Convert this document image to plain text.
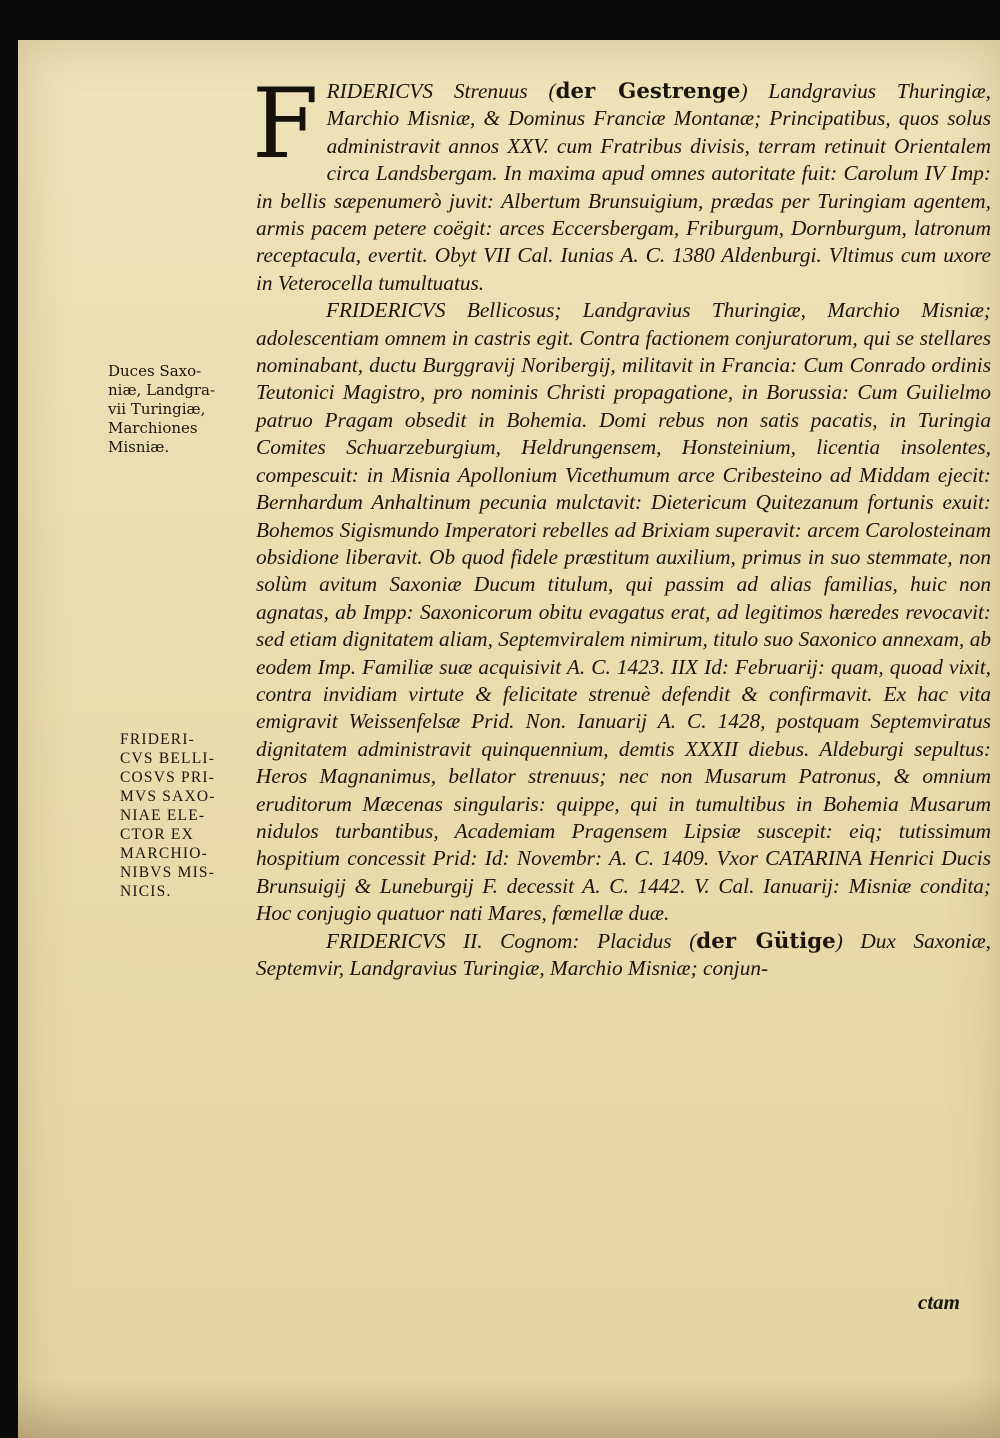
FRIDERICVS Strenuus (der Gestrenge) Landgravius Thuringiæ, Marchio Misniæ, & Dominus Franciæ Montanæ; Principatibus, quos solus administravit annos XXV. cum Fratribus divisis, terram retinuit Orientalem circa Landsbergam. In maxima apud omnes autoritate fuit: Carolum IV Imp: in bellis sæpenumerò juvit: Albertum Brunsuigium, prædas per Turingiam agentem, armis pacem petere coëgit: arces Eccersbergam, Friburgum, Dornburgum, latronum receptacula, evertit. Obyt VII Cal. Iunias A. C. 1380 Aldenburgi. Vltimus cum uxore in Veterocella tumultuatus.

FRIDERICVS Bellicosus; Landgravius Thuringiæ, Marchio Misniæ; adolescentiam omnem in castris egit. Contra factionem conjuratorum, qui se stellares nominabant, ductu Burggravij Noribergij, militavit in Francia: Cum Conrado ordinis Teutonici Magistro, pro nominis Christi propagatione, in Borussia: Cum Guilielmo patruo Pragam obsedit in Bohemia. Domi rebus non satis pacatis, in Turingia Comites Schuarzeburgium, Heldrungensem, Honsteinium, licentia insolentes, compescuit: in Misnia Apollonium Vicethumum arce Cribesteino ad Middam ejecit: Bernhardum Anhaltinum pecunia mulctavit: Dietericum Quitezanum fortunis exuit: Bohemos Sigismundo Imperatori rebelles ad Brixiam superavit: arcem Carolosteinam obsidione liberavit. Ob quod fidele præstitum auxilium, primus in suo stemmate, non solùm avitum Saxoniæ Ducum titulum, qui passim ad alias familias, huic non agnatas, ab Impp: Saxonicorum obitu evagatus erat, ad legitimos hæredes revocavit: sed etiam dignitatem aliam, Septemviralem nimirum, titulo suo Saxonico annexam, ab eodem Imp. Familiæ suæ acquisivit A. C. 1423. IIX Id: Februarij: quam, quoad vixit, contra invidiam virtute & felicitate strenuè defendit & confirmavit. Ex hac vita emigravit Weissenfelsæ Prid. Non. Ianuarij A. C. 1428, postquam Septemviratus dignitatem administravit quinquennium, demtis XXXII diebus. Aldeburgi sepultus: Heros Magnanimus, bellator strenuus; nec non Musarum Patronus, & omnium eruditorum Mæcenas singularis: quippe, qui in tumultibus in Bohemia Musarum nidulos turbantibus, Academiam Pragensem Lipsiæ suscepit: eiq; tutissimum hospitium concessit Prid: Id: Novembr: A. C. 1409. Vxor CATARINA Henrici Ducis Brunsuigij & Luneburgij F. decessit A. C. 1442. V. Cal. Ianuarij: Misniæ condita; Hoc conjugio quatuor nati Mares, fœmellæ duæ.

FRIDERICVS II. Cognom: Placidus (der Gütige) Dux Saxoniæ, Septemvir, Landgravius Turingiæ, Marchio Misniæ; conjun-

Duces Saxo-
niæ, Landgra-
vii Turingiæ,
Marchiones
Misniæ.
FRIDERI-
CVS BELLI-
COSVS PRI-
MVS SAXO-
NIAE ELE-
CTOR EX
MARCHIO-
NIBVS MIS-
NICIS.
ctam
